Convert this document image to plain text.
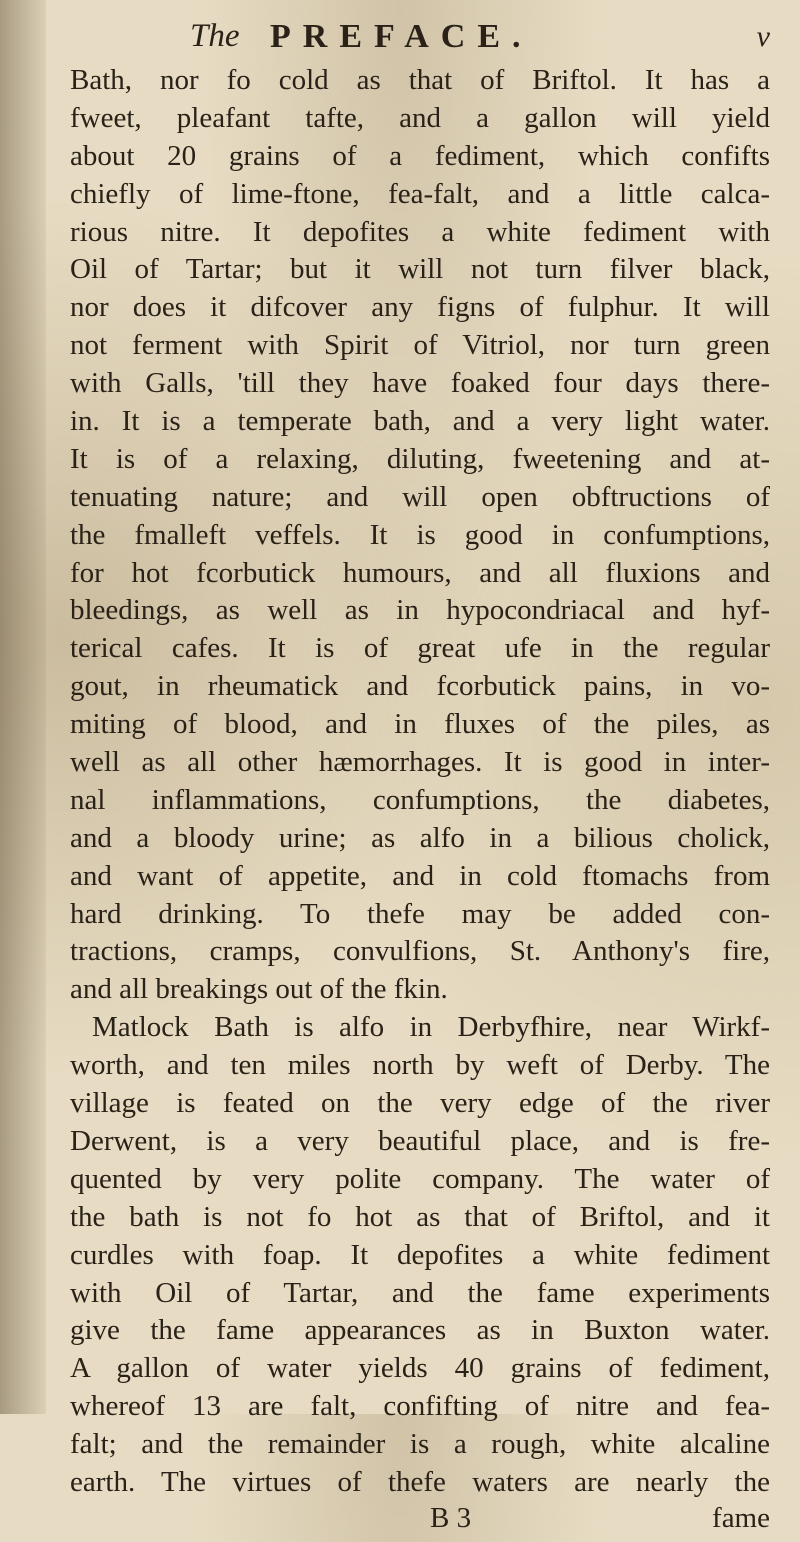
The PREFACE.	v
Bath, nor fo cold as that of Briftol. It has a
fweet, pleafant tafte, and a gallon will yield
about 20 grains of a fediment, which confifts
chiefly of lime-ftone, fea-falt, and a little calca-
rious nitre. It depofites a white fediment with
Oil of Tartar; but it will not turn filver black,
nor does it difcover any figns of fulphur. It will
not ferment with Spirit of Vitriol, nor turn green
with Galls, 'till they have foaked four days there-
in. It is a temperate bath, and a very light water.
It is of a relaxing, diluting, fweetening and at-
tenuating nature; and will open obftructions of
the fmalleft veffels. It is good in confumptions,
for hot fcorbutick humours, and all fluxions and
bleedings, as well as in hypocondriacal and hyf-
terical cafes. It is of great ufe in the regular
gout, in rheumatick and fcorbutick pains, in vo-
miting of blood, and in fluxes of the piles, as
well as all other hæmorrhages. It is good in inter-
nal inflammations, confumptions, the diabetes,
and a bloody urine; as alfo in a bilious cholick,
and want of appetite, and in cold ftomachs from
hard drinking. To thefe may be added con-
tractions, cramps, convulfions, St. Anthony's fire,
and all breakings out of the fkin.
Matlock Bath is alfo in Derbyfhire, near Wirkf-
worth, and ten miles north by weft of Derby. The
village is feated on the very edge of the river
Derwent, is a very beautiful place, and is fre-
quented by very polite company. The water of
the bath is not fo hot as that of Briftol, and it
curdles with foap. It depofites a white fediment
with Oil of Tartar, and the fame experiments
give the fame appearances as in Buxton water.
A gallon of water yields 40 grains of fediment,
whereof 13 are falt, confifting of nitre and fea-
falt; and the remainder is a rough, white alcaline
earth. The virtues of thefe waters are nearly the
B 3	fame
